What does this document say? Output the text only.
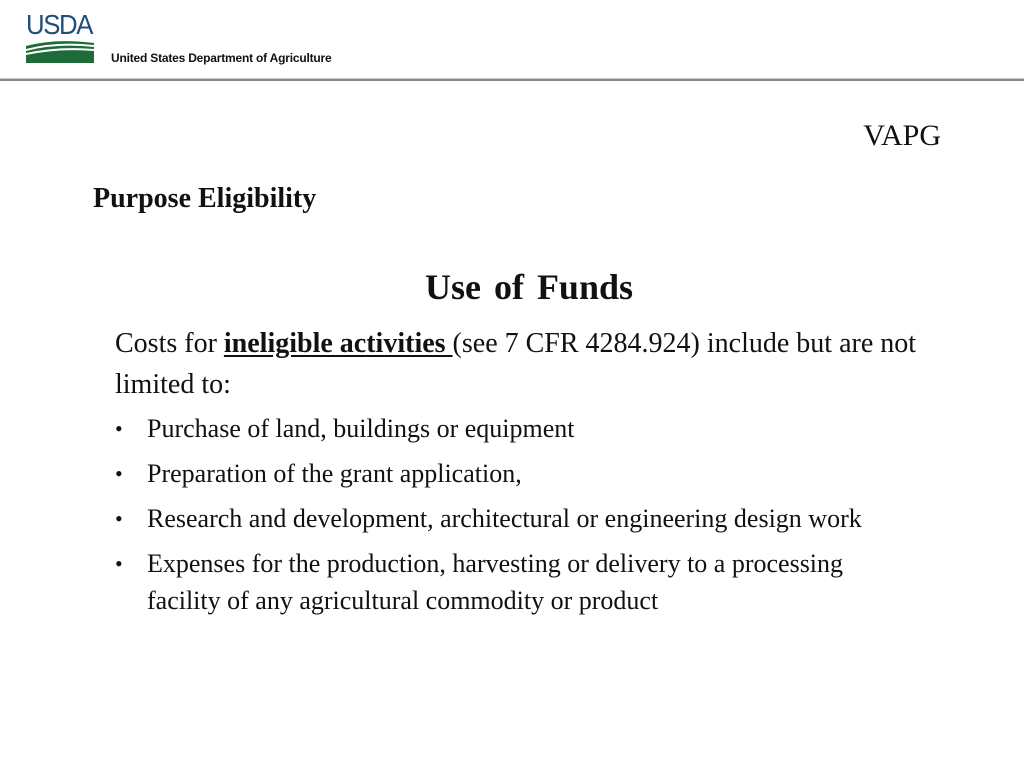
USDA
United States Department of Agriculture
VAPG
Purpose Eligibility
Use of Funds
Costs for ineligible activities (see 7 CFR 4284.924) include but are not limited to:
• Purchase of land, buildings or equipment
• Preparation of the grant application,
• Research and development, architectural or engineering design work
• Expenses for the production, harvesting or delivery to a processing facility of any agricultural commodity or product
